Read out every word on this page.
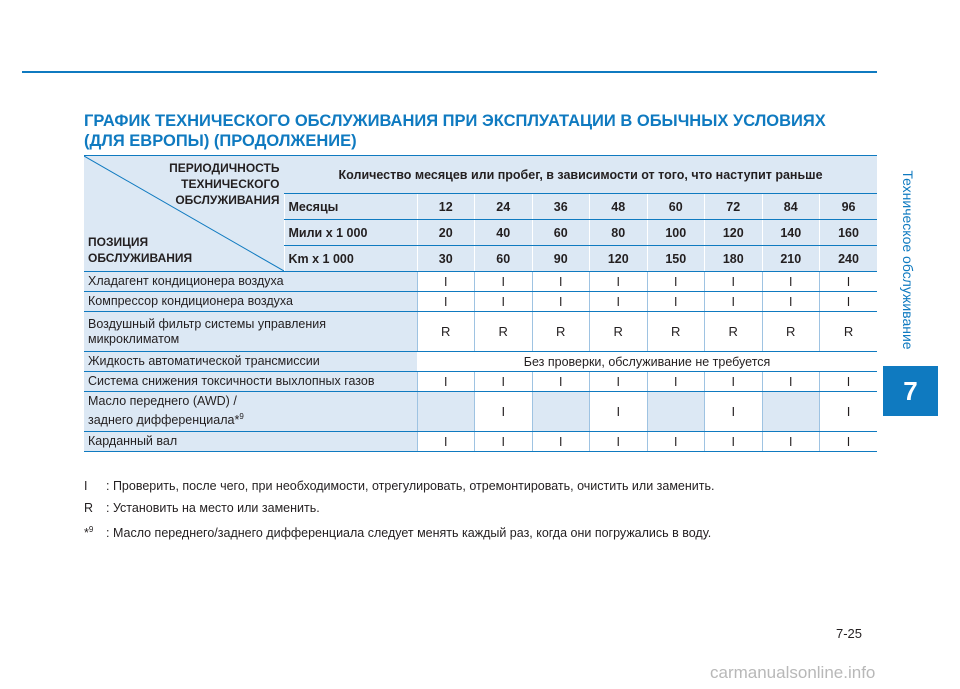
ГРАФИК ТЕХНИЧЕСКОГО ОБСЛУЖИВАНИЯ ПРИ ЭКСПЛУАТАЦИИ В ОБЫЧНЫХ УСЛОВИЯХ
(ДЛЯ ЕВРОПЫ) (ПРОДОЛЖЕНИЕ)
Техническое обслуживание
7
ПЕРИОДИЧНОСТЬ
ТЕХНИЧЕСКОГО
ОБСЛУЖИВАНИЯ
ПОЗИЦИЯ
ОБСЛУЖИВАНИЯ	Количество месяцев или пробег, в зависимости от того, что наступит раньше								
	Месяцы	12	24	36	48	60	72	84	96
	Мили x 1 000	20	40	60	80	100	120	140	160
	Km x 1 000	30	60	90	120	150	180	210	240

Хладагент кондиционера воздуха		I	I	I	I	I	I	I	I

Компрессор кондиционера воздуха		I	I	I	I	I	I	I	I

Воздушный фильтр системы управления
микроклиматом		R	R	R	R	R	R	R	R

Жидкость автоматической трансмиссии		Без проверки, обслуживание не требуется							

Система снижения токсичности выхлопных газов		I	I	I	I	I	I	I	I

Масло переднего (AWD) /
заднего дифференциала*$^9$			I		I		I		I

Карданный вал		I	I	I	I	I	I	I	I
I : Проверить, после чего, при необходимости, отрегулировать, отремонтировать, очистить или заменить.
R : Установить на место или заменить.
*$^9$ : Масло переднего/заднего дифференциала следует менять каждый раз, когда они погружались в воду.
7-25
carmanualsonline.info
